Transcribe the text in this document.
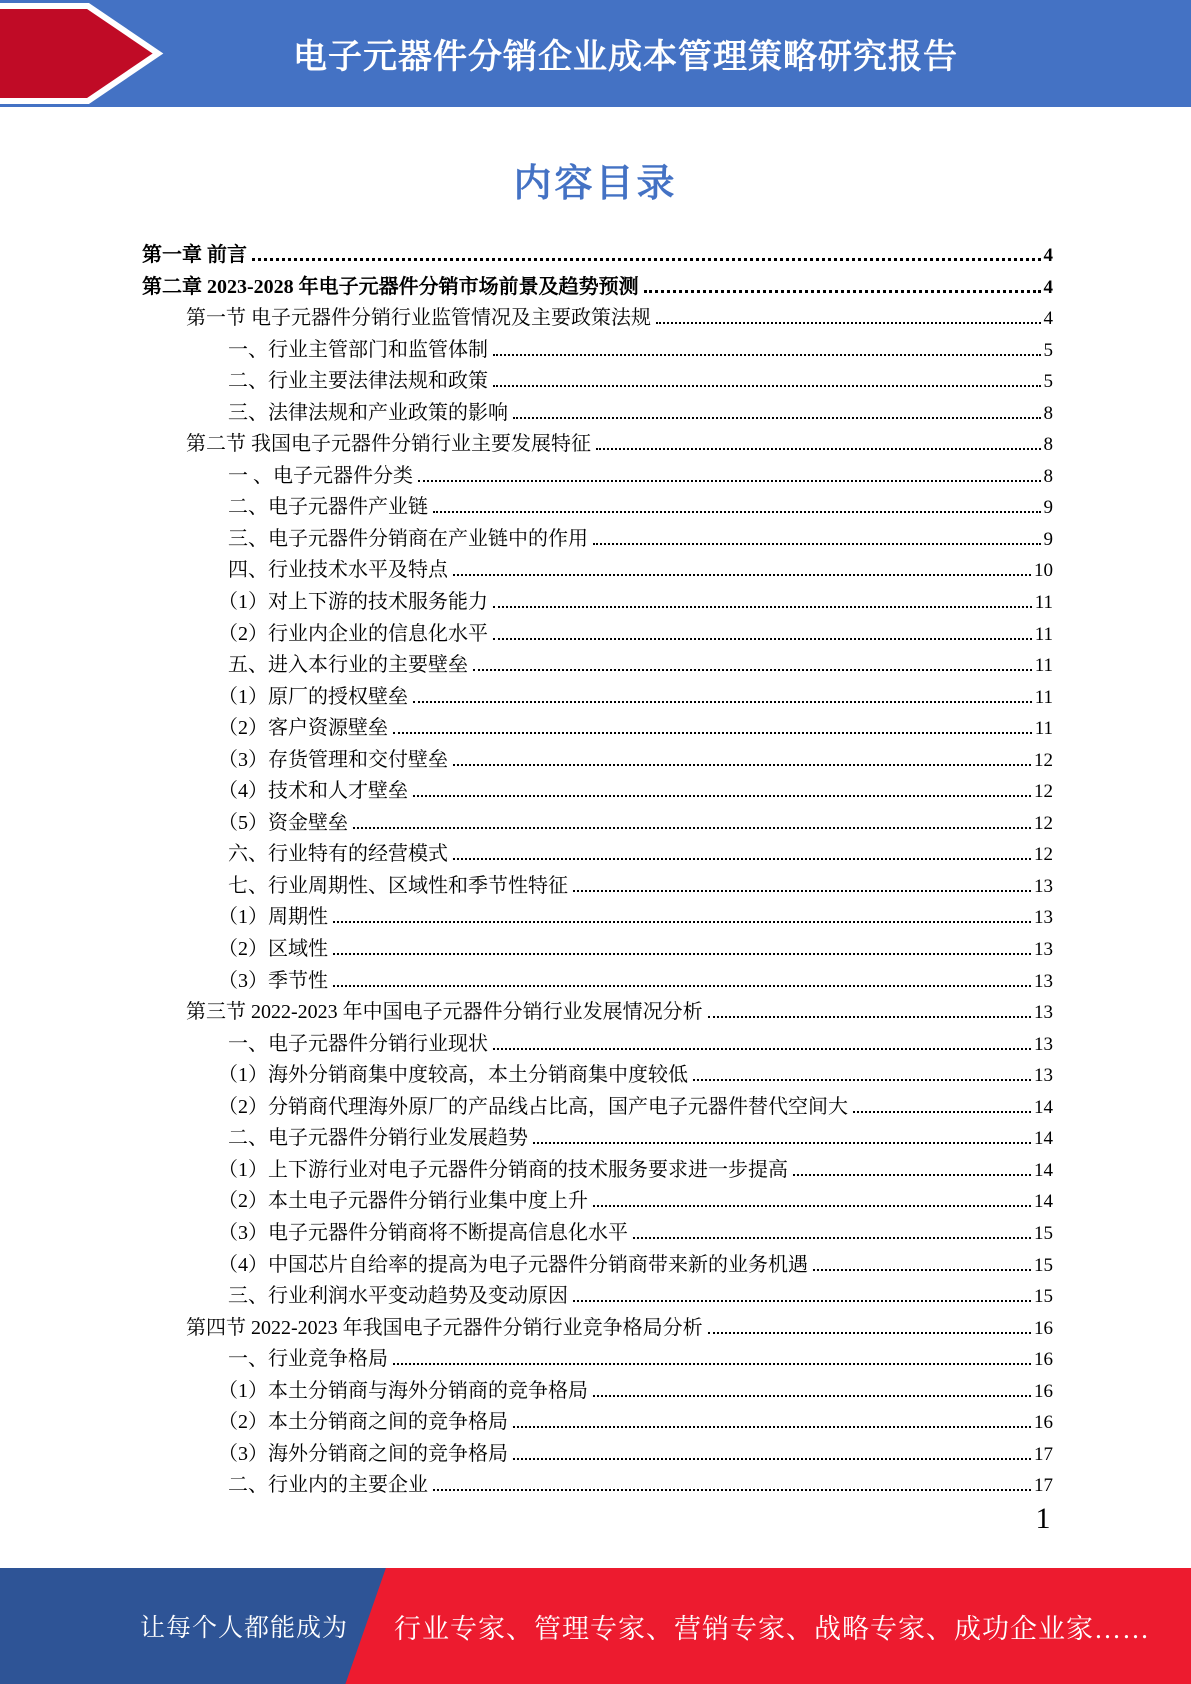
电子元器件分销企业成本管理策略研究报告
内容目录
第一章 前言	4
第二章 2023-2028 年电子元器件分销市场前景及趋势预测	4
第一节 电子元器件分销行业监管情况及主要政策法规	4
一、行业主管部门和监管体制	5
二、行业主要法律法规和政策	5
三、法律法规和产业政策的影响	8
第二节 我国电子元器件分销行业主要发展特征	8
一 、电子元器件分类	8
二、电子元器件产业链	9
三、电子元器件分销商在产业链中的作用	9
四、行业技术水平及特点	10
（1）对上下游的技术服务能力	11
（2）行业内企业的信息化水平	11
五、进入本行业的主要壁垒	11
（1）原厂的授权壁垒	11
（2）客户资源壁垒	11
（3）存货管理和交付壁垒	12
（4）技术和人才壁垒	12
（5）资金壁垒	12
六、行业特有的经营模式	12
七、行业周期性、区域性和季节性特征	13
（1）周期性	13
（2）区域性	13
（3）季节性	13
第三节 2022-2023 年中国电子元器件分销行业发展情况分析	13
一、电子元器件分销行业现状	13
（1）海外分销商集中度较高，本土分销商集中度较低	13
（2）分销商代理海外原厂的产品线占比高，国产电子元器件替代空间大	14
二、电子元器件分销行业发展趋势	14
（1）上下游行业对电子元器件分销商的技术服务要求进一步提高	14
（2）本土电子元器件分销行业集中度上升	14
（3）电子元器件分销商将不断提高信息化水平	15
（4）中国芯片自给率的提高为电子元器件分销商带来新的业务机遇	15
三、行业利润水平变动趋势及变动原因	15
第四节 2022-2023 年我国电子元器件分销行业竞争格局分析	16
一、行业竞争格局	16
（1）本土分销商与海外分销商的竞争格局	16
（2）本土分销商之间的竞争格局	16
（3）海外分销商之间的竞争格局	17
二、行业内的主要企业	17
1
让每个人都能成为 行业专家、管理专家、营销专家、战略专家、成功企业家……
